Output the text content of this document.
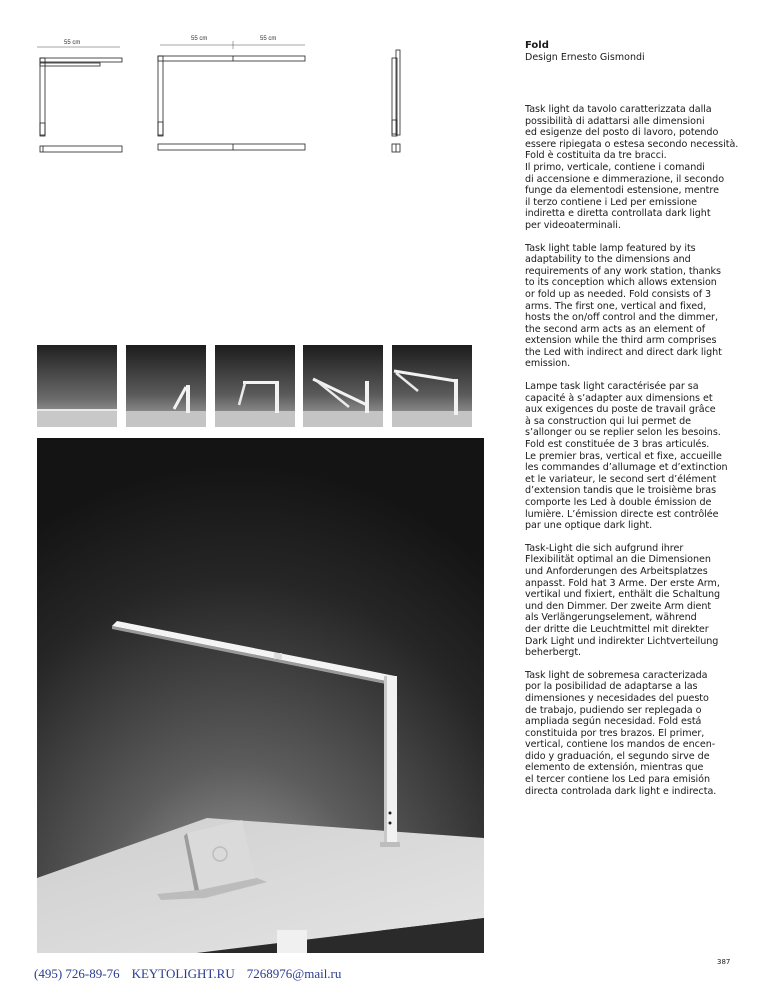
55 cm
55 cm	55 cm

Fold

Design Ernesto Gismondi

Task light da tavolo caratterizzata dalla
possibilità di adattarsi alle dimensioni
ed esigenze del posto di lavoro, potendo
essere ripiegata o estesa secondo necessità.
Fold è costituita da tre bracci.
Il primo, verticale, contiene i comandi
di accensione e dimmerazione, il secondo
funge da elementodi estensione, mentre
il terzo contiene i Led per emissione
indiretta e diretta controllata dark light
per videoaterminali.

Task light table lamp featured by its
adaptability to the dimensions and
requirements of any work station, thanks
to its conception which allows extension
or fold up as needed. Fold consists of 3
arms. The first one, vertical and fixed,
hosts the on/off control and the dimmer,
the second arm acts as an element of
extension while the third arm comprises
the Led with indirect and direct dark light
emission.

Lampe task light caractérisée par sa
capacité à s’adapter aux dimensions et
aux exigences du poste de travail grâce
à sa construction qui lui permet de
s’allonger ou se replier selon les besoins.
Fold est constituée de 3 bras articulés.
Le premier bras, vertical et fixe, accueille
les commandes d’allumage et d’extinction
et le variateur, le second sert d’élément
d’extension tandis que le troisième bras
comporte les Led à double émission de
lumière. L’émission directe est contrôlée
par une optique dark light.

Task-Light die sich aufgrund ihrer
Flexibilität optimal an die Dimensionen
und Anforderungen des Arbeitsplatzes
anpasst. Fold hat 3 Arme. Der erste Arm,
vertikal und fixiert, enthält die Schaltung
und den Dimmer. Der zweite Arm dient
als Verlängerungselement, während
der dritte die Leuchtmittel mit direkter
Dark Light und indirekter Lichtverteilung
beherbergt.

Task light de sobremesa caracterizada
por la posibilidad de adaptarse a las
dimensiones y necesidades del puesto
de trabajo, pudiendo ser replegada o
ampliada según necesidad. Fold está
constituida por tres brazos. El primer,
vertical, contiene los mandos de encen-
dido y graduación, el segundo sirve de
elemento de extensión, mientras que
el tercer contiene los Led para emisión
directa controlada dark light e indirecta.

387
(495) 726-89-76 KEYTOLIGHT.RU 7268976@mail.ru
